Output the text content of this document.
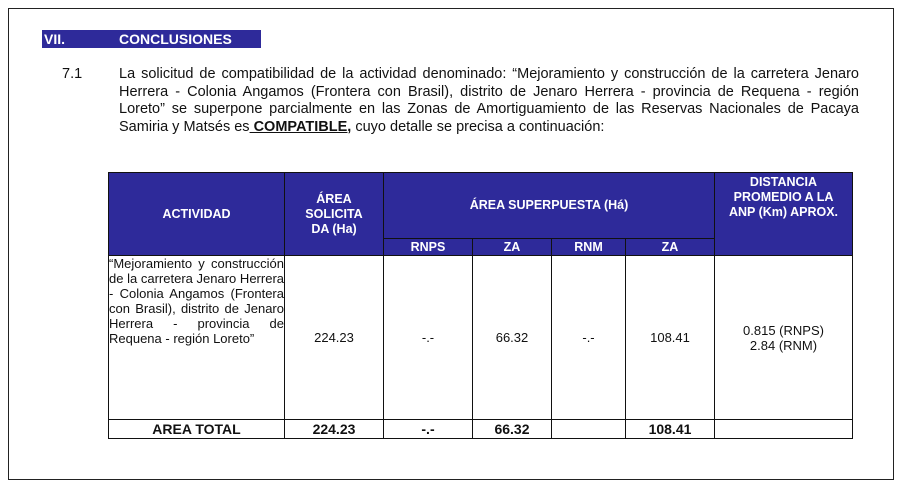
VII.	CONCLUSIONES
7.1	La solicitud de compatibilidad de la actividad denominado: “Mejoramiento y construcción de la carretera Jenaro Herrera - Colonia Angamos (Frontera con Brasil), distrito de Jenaro Herrera - provincia de Requena - región Loreto” se superpone parcialmente en las Zonas de Amortiguamiento de las Reservas Nacionales de Pacaya Samiria y Matsés es COMPATIBLE, cuyo detalle se precisa a continuación:
ACTIVIDAD	ÁREA SOLICITA DA (Ha)	ÁREA SUPERPUESTA (Há)				DISTANCIA PROMEDIO A LA ANP (Km) APROX.
		RNPS	ZA	RNM	ZA	
“Mejoramiento y construcción de la carretera Jenaro Herrera - Colonia Angamos (Frontera con Brasil), distrito de Jenaro Herrera - provincia de Requena - región Loreto”	224.23	-.-	66.32	-.-	108.41	0.815 (RNPS)
2.84 (RNM)

AREA TOTAL	224.23	-.-	66.32		108.41	
